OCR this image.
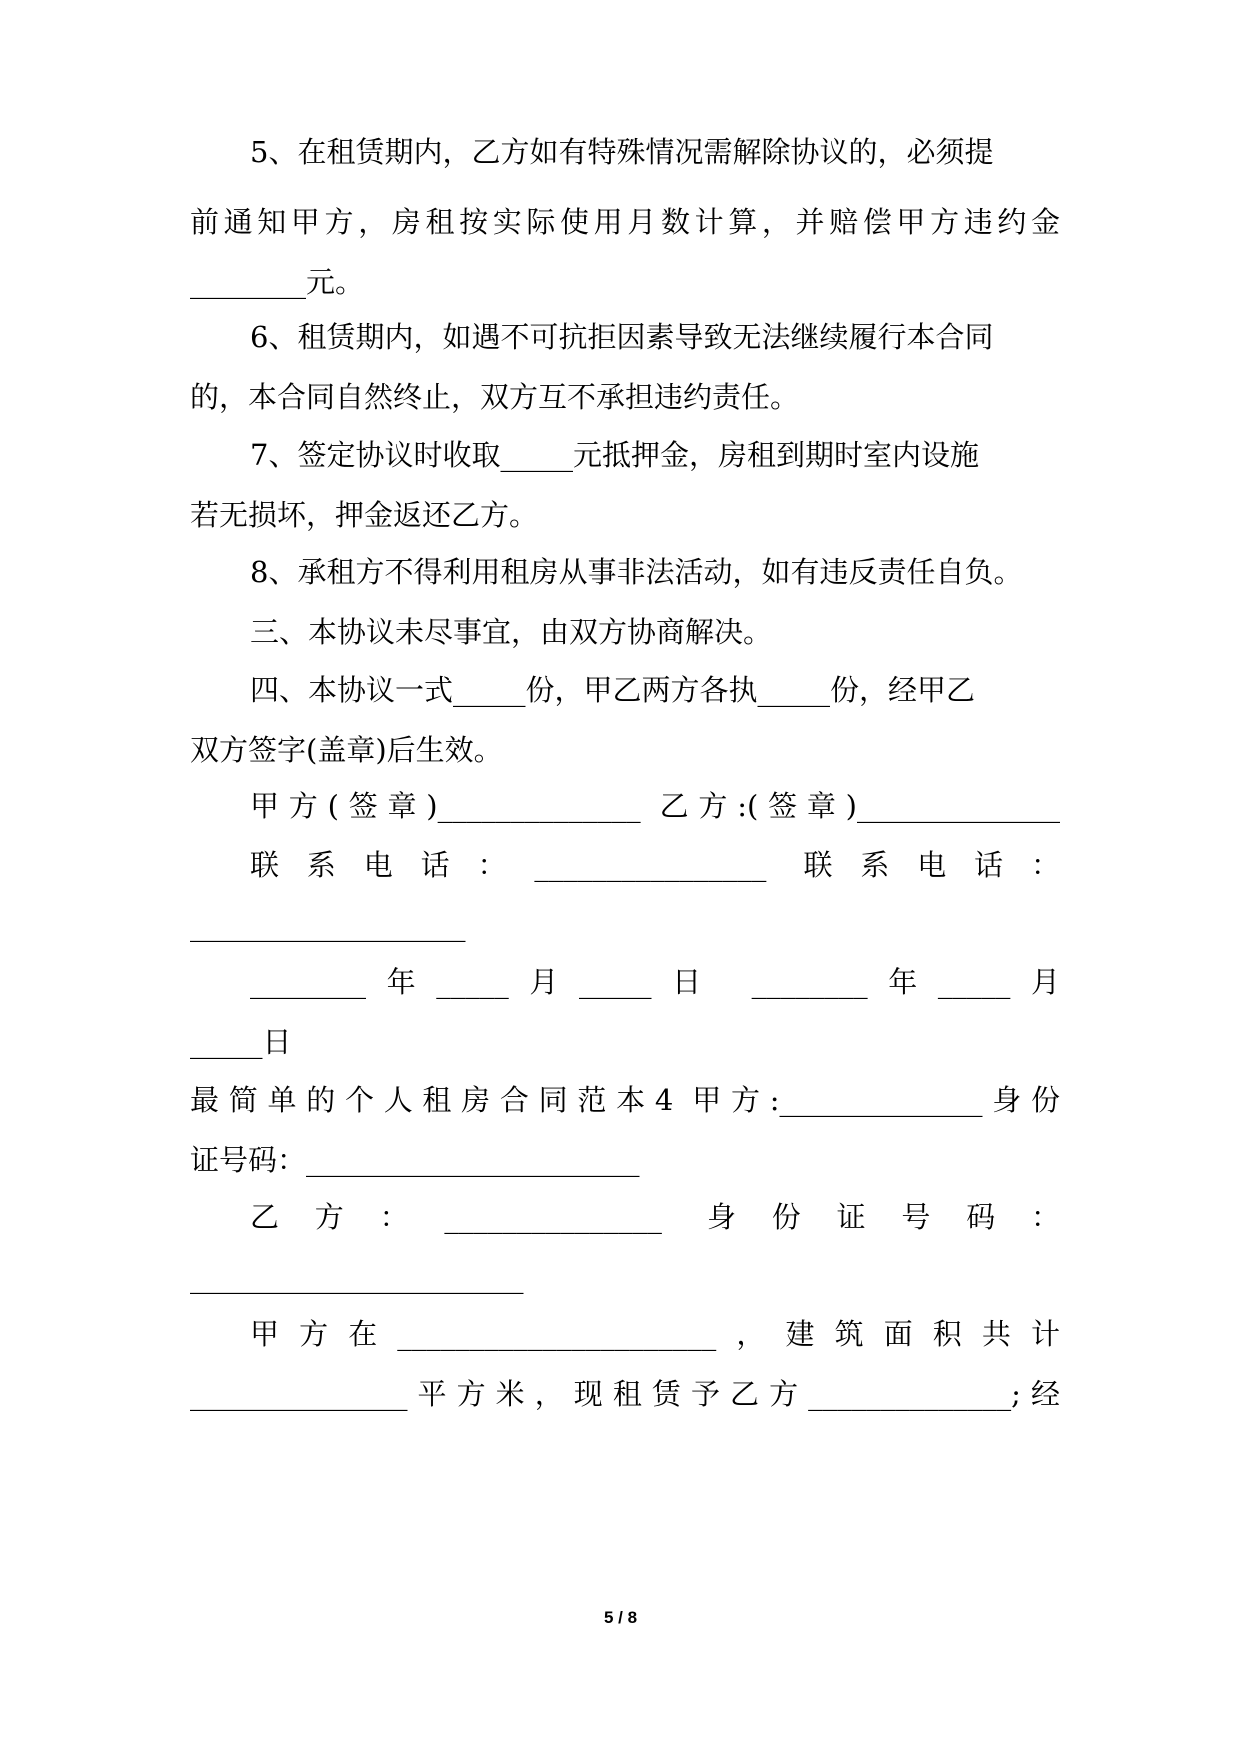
5、在租赁期内，乙方如有特殊情况需解除协议的，必须提
前通知甲方，房租按实际使用月数计算，并赔偿甲方违约金
________元。
6、租赁期内，如遇不可抗拒因素导致无法继续履行本合同
的，本合同自然终止，双方互不承担违约责任。
7、签定协议时收取_____元抵押金，房租到期时室内设施
若无损坏，押金返还乙方。
8、承租方不得利用租房从事非法活动，如有违反责任自负。
三、本协议未尽事宜，由双方协商解决。
四、本协议一式_____份，甲乙两方各执_____份，经甲乙
双方签字(盖章)后生效。
甲方(签章)______________ 乙方:(签章)______________
联系电话：________________ 联系电话：
___________________
________年_____月_____日 ________年_____月
_____日
最简单的个人租房合同范本4 甲方:______________身份
证号码：_______________________
乙方：_______________ 身份证号码：
_______________________
甲方在______________________，建筑面积共计
_______________平方米，现租赁予乙方______________;经
5 / 8
